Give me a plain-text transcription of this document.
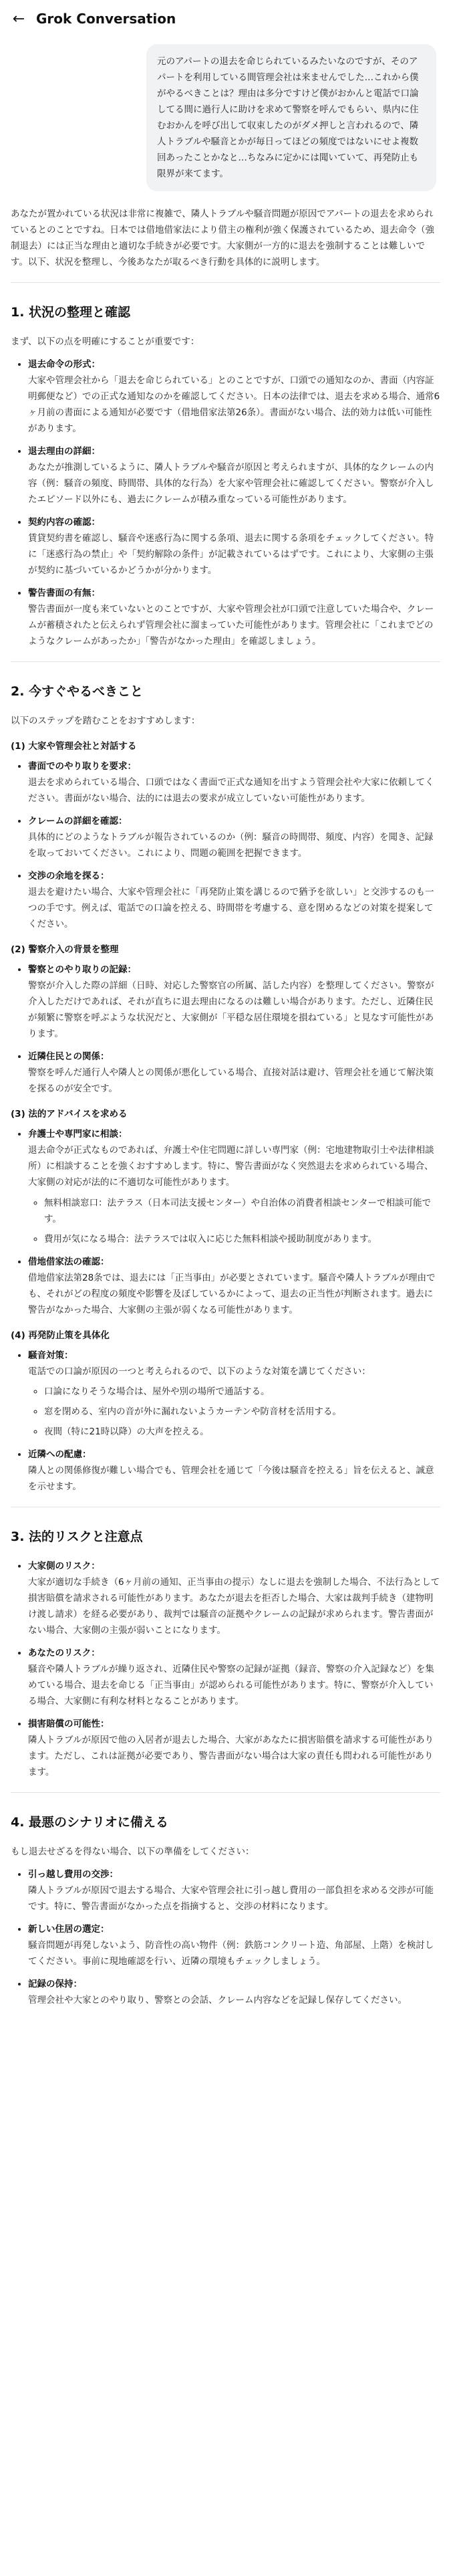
← Grok Conversation
元のアパートの退去を命じられているみたいなのですが、そのアパートを利用している間管理会社は来ませんでした…これから僕がやるべきことは？理由は多分ですけど僕がおかんと電話で口論してる間に過行人に助けを求めて警察を呼んでもらい、県内に住むおかんを呼び出して収束したのがダメ押しと言われるので、隣人トラブルや騒音とかが毎日ってほどの頻度ではないにせよ複数回あったことかなと…ちなみに定かには聞いていて、再発防止も限界が来てます。

あなたが置かれている状況は非常に複雑で、隣人トラブルや騒音問題が原因でアパートの退去を求められているとのことですね。日本では借地借家法により借主の権利が強く保護されているため、退去命令（強制退去）には正当な理由と適切な手続きが必要です。大家側が一方的に退去を強制することは難しいです。以下、状況を整理し、今後あなたが取るべき行動を具体的に説明します。

1. 状況の整理と確認

まず、以下の点を明確にすることが重要です：

• 退去命令の形式：
大家や管理会社から「退去を命じられている」とのことですが、口頭での通知なのか、書面（内容証明郵便など）での正式な通知なのかを確認してください。日本の法律では、退去を求める場合、通常6ヶ月前の書面による通知が必要です（借地借家法第26条）。書面がない場合、法的効力は低い可能性があります。
• 退去理由の詳細：
あなたが推測しているように、隣人トラブルや騒音が原因と考えられますが、具体的なクレームの内容（例：騒音の頻度、時間帯、具体的な行為）を大家や管理会社に確認してください。警察が介入したエピソード以外にも、過去にクレームが積み重なっている可能性があります。
• 契約内容の確認：
賃貸契約書を確認し、騒音や迷惑行為に関する条項、退去に関する条項をチェックしてください。特に「迷惑行為の禁止」や「契約解除の条件」が記載されているはずです。これにより、大家側の主張が契約に基づいているかどうかが分かります。
• 警告書面の有無：
警告書面が一度も来ていないとのことですが、大家や管理会社が口頭で注意していた場合や、クレームが蓄積されたと伝えられず管理会社に溜まっていた可能性があります。管理会社に「これまでどのようなクレームがあったか」「警告がなかった理由」を確認しましょう。
2. 今すぐやるべきこと

以下のステップを踏むことをおすすめします：

(1) 大家や管理会社と対話する
• 書面でのやり取りを要求：
退去を求められている場合、口頭ではなく書面で正式な通知を出すよう管理会社や大家に依頼してください。書面がない場合、法的には退去の要求が成立していない可能性があります。
• クレームの詳細を確認：
具体的にどのようなトラブルが報告されているのか（例：騒音の時間帯、頻度、内容）を聞き、記録を取っておいてください。これにより、問題の範囲を把握できます。
• 交渉の余地を探る：
退去を避けたい場合、大家や管理会社に「再発防止策を講じるので猶予を欲しい」と交渉するのも一つの手です。例えば、電話での口論を控える、時間帯を考慮する、意を閉めるなどの対策を提案してください。
(2) 警察介入の背景を整理
• 警察とのやり取りの記録：
警察が介入した際の詳細（日時、対応した警察官の所属、話した内容）を整理してください。警察が介入しただけであれば、それが直ちに退去理由になるのは難しい場合があります。ただし、近隣住民が頻繁に警察を呼ぶような状況だと、大家側が「平穏な居住環境を損ねている」と見なす可能性があります。
• 近隣住民との関係：
警察を呼んだ通行人や隣人との関係が悪化している場合、直接対話は避け、管理会社を通じて解決策を探るのが安全です。
(3) 法的アドバイスを求める
• 弁護士や専門家に相談：
退去命令が正式なものであれば、弁護士や住宅問題に詳しい専門家（例：宅地建物取引士や法律相談所）に相談することを強くおすすめします。特に、警告書面がなく突然退去を求められている場合、大家側の対応が法的に不適切な可能性があります。
◦ 無料相談窓口：法テラス（日本司法支援センター）や自治体の消費者相談センターで相談可能です。
◦ 費用が気になる場合：法テラスでは収入に応じた無料相談や援助制度があります。
• 借地借家法の確認：
借地借家法第28条では、退去には「正当事由」が必要とされています。騒音や隣人トラブルが理由でも、それがどの程度の頻度や影響を及ぼしているかによって、退去の正当性が判断されます。過去に警告がなかった場合、大家側の主張が弱くなる可能性があります。
(4) 再発防止策を具体化
• 騒音対策：
電話での口論が原因の一つと考えられるので、以下のような対策を講じてください：
◦ 口論になりそうな場合は、屋外や別の場所で通話する。
◦ 窓を閉める、室内の音が外に漏れないようカーテンや防音材を活用する。
◦ 夜間（特に21時以降）の大声を控える。
• 近隣への配慮：
隣人との関係修復が難しい場合でも、管理会社を通じて「今後は騒音を控える」旨を伝えると、誠意を示せます。
3. 法的リスクと注意点
• 大家側のリスク：
大家が適切な手続き（6ヶ月前の通知、正当事由の提示）なしに退去を強制した場合、不法行為として損害賠償を請求される可能性があります。あなたが退去を拒否した場合、大家は裁判手続き（建物明け渡し請求）を経る必要があり、裁判では騒音の証拠やクレームの記録が求められます。警告書面がない場合、大家側の主張が弱いことになります。
• あなたのリスク：
騒音や隣人トラブルが繰り返され、近隣住民や警察の記録が証拠（録音、警察の介入記録など）を集めている場合、退去を命じる「正当事由」が認められる可能性があります。特に、警察が介入している場合、大家側に有利な材料となることがあります。
• 損害賠償の可能性：
隣人トラブルが原因で他の入居者が退去した場合、大家があなたに損害賠償を請求する可能性があります。ただし、これは証拠が必要であり、警告書面がない場合は大家の責任も問われる可能性があります。
4. 最悪のシナリオに備える

もし退去せざるを得ない場合、以下の準備をしてください：

• 引っ越し費用の交渉：
隣人トラブルが原因で退去する場合、大家や管理会社に引っ越し費用の一部負担を求める交渉が可能です。特に、警告書面がなかった点を指摘すると、交渉の材料になります。
• 新しい住居の選定：
騒音問題が再発しないよう、防音性の高い物件（例：鉄筋コンクリート造、角部屋、上階）を検討してください。事前に現地確認を行い、近隣の環境もチェックしましょう。
• 記録の保持：
管理会社や大家とのやり取り、警察との会話、クレーム内容などを記録し保存してください。
